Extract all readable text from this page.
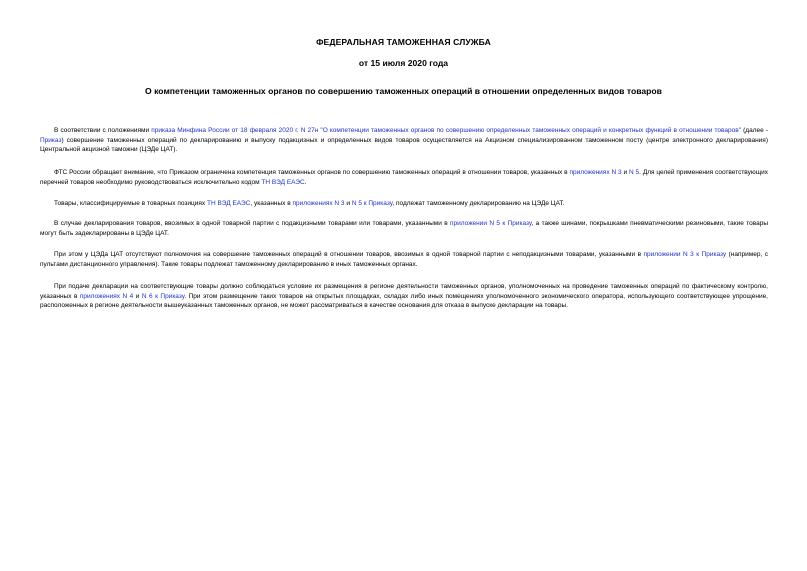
ФЕДЕРАЛЬНАЯ ТАМОЖЕННАЯ СЛУЖБА
от 15 июля 2020 года
О компетенции таможенных органов по совершению таможенных операций в отношении определенных видов товаров

В соответствии с положениями приказа Минфина России от 18 февраля 2020 г. N 27н "О компетенции таможенных органов по совершению определенных таможенных операций и конкретных функций в отношении товаров" (далее - Приказ) совершение таможенных операций по декларированию и выпуску подакцизных и определенных видов товаров осуществляется на Акцизном специализированном таможенном посту (центре электронного декларирования) Центральной акцизной таможни (ЦЭДе ЦАТ).

ФТС России обращает внимание, что Приказом ограничена компетенция таможенных органов по совершению таможенных операций в отношении товаров, указанных в приложениях N 3 и N 5. Для целей применения соответствующих перечней товаров необходимо руководствоваться исключительно кодом ТН ВЭД ЕАЭС.

Товары, классифицируемые в товарных позициях ТН ВЭД ЕАЭС, указанных в приложениях N 3 и N 5 к Приказу, подлежат таможенному декларированию на ЦЭДе ЦАТ.

В случае декларирования товаров, ввозимых в одной товарной партии с подакцизными товарами или товарами, указанными в приложении N 5 к Приказу, а также шинами, покрышками пневматическими резиновыми, такие товары могут быть задекларированы в ЦЭДе ЦАТ.

При этом у ЦЭДа ЦАТ отсутствуют полномочия на совершение таможенных операций в отношении товаров, ввозимых в одной товарной партии с неподакцизными товарами, указанными в приложении N 3 к Приказу (например, с пультами дистанционного управления). Такие товары подлежат таможенному декларированию в иных таможенных органах.

При подаче декларации на соответствующие товары должно соблюдаться условие их размещения в регионе деятельности таможенных органов, уполномоченных на проведение таможенных операций по фактическому контролю, указанных в приложениях N 4 и N 6 к Приказу. При этом размещение таких товаров на открытых площадках, складах либо иных помещениях уполномоченного экономического оператора, использующего соответствующее упрощение, расположенных в регионе деятельности вышеуказанных таможенных органов, не может рассматриваться в качестве основания для отказа в выпуске декларации на товары.
